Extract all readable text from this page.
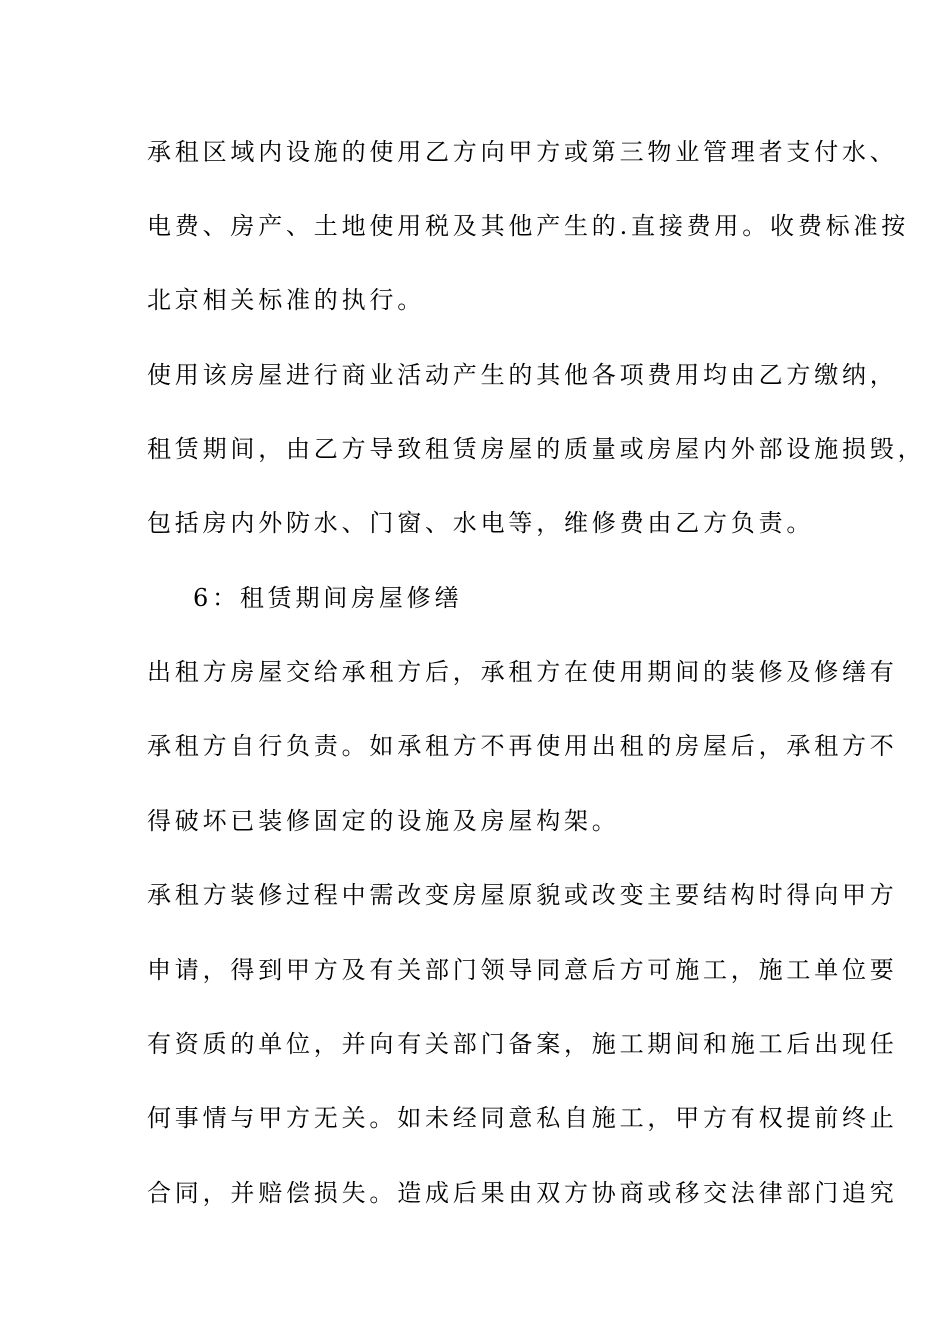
承租区域内设施的使用乙方向甲方或第三物业管理者支付水、
电费、房产、土地使用税及其他产生的.直接费用。收费标准按
北京相关标准的执行。
使用该房屋进行商业活动产生的其他各项费用均由乙方缴纳，
租赁期间，由乙方导致租赁房屋的质量或房屋内外部设施损毁，
包括房内外防水、门窗、水电等，维修费由乙方负责。
6：租赁期间房屋修缮
出租方房屋交给承租方后，承租方在使用期间的装修及修缮有
承租方自行负责。如承租方不再使用出租的房屋后，承租方不
得破坏已装修固定的设施及房屋构架。
承租方装修过程中需改变房屋原貌或改变主要结构时得向甲方
申请，得到甲方及有关部门领导同意后方可施工，施工单位要
有资质的单位，并向有关部门备案，施工期间和施工后出现任
何事情与甲方无关。如未经同意私自施工，甲方有权提前终止
合同，并赔偿损失。造成后果由双方协商或移交法律部门追究
